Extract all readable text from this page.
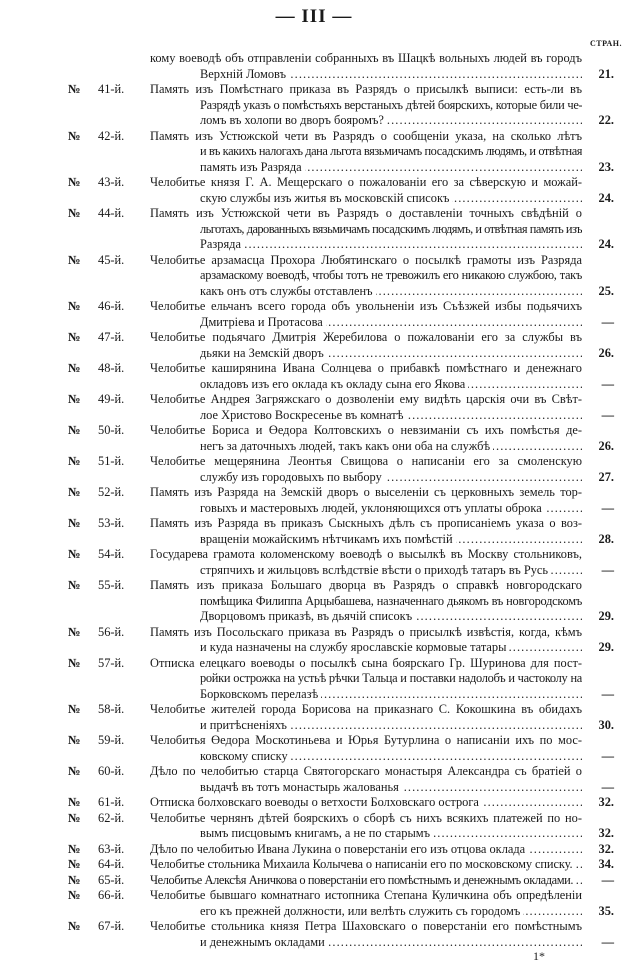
— III —
СТРАН.
кому воеводѣ объ отправленіи собранныхъ въ Шацкѣ вольныхъ людей въ городъ
. . . Верхній Ломовъ	21.
№ 41-й. Память изъ Помѣстнаго приказа въ Разрядъ о присылкѣ выписи: есть-ли въ
Разрядѣ указъ о помѣстьяхъ верстаныхъ дѣтей боярскихъ, которые били че-
. . . ломъ въ холопи во дворъ бояромъ?	22.
№ 42-й. Память изъ Устюжской чети въ Разрядъ о сообщеніи указа, на сколько лѣтъ
и въ какихъ налогахъ дана льгота вязьмичамъ посадскимъ людямъ, и отвѣтная
. . . память изъ Разряда	23.
№ 43-й. Челобитье князя Г. А. Мещерскаго о пожалованіи его за сѣверскую и можай-
. . . скую службы изъ житья въ московскій списокъ	24.
№ 44-й. Память изъ Устюжской чети въ Разрядъ о доставленіи точныхъ свѣдѣній о
льготахъ, дарованныхъ вязьмичамъ посадскимъ людямъ, и отвѣтная память изъ
. . . Разряда	24.
№ 45-й. Челобитье арзамасца Прохора Любятинскаго о посылкѣ грамоты изъ Разряда
арзамаскому воеводѣ, чтобы тотъ не тревожилъ его никакою службою, такъ
. . . какъ онъ отъ службы отставленъ	25.
№ 46-й. Челобитье ельчанъ всего города объ увольненіи изъ Съѣзжей избы подьячихъ
. . . Дмитріева и Протасова	—
№ 47-й. Челобитье подьячаго Дмитрія Жеребилова о пожалованіи его за службы въ
. . . дьяки на Земскій дворъ	26.
№ 48-й. Челобитье каширянина Ивана Солнцева о прибавкѣ помѣстнаго и денежнаго
. . . окладовъ изъ его оклада къ окладу сына его Якова	—
№ 49-й. Челобитье Андрея Загряжскаго о дозволеніи ему видѣть царскія очи въ Свѣт-
. . . лое Христово Воскресенье въ комнатѣ	—
№ 50-й. Челобитье Бориса и Өедора Колтовскихъ о невзиманіи съ ихъ помѣстья де-
. . . негъ за даточныхъ людей, такъ какъ они оба на службѣ	26.
№ 51-й. Челобитье мещерянина Леонтья Свищова о написаніи его за смоленскую
. . . службу изъ городовыхъ по выбору	27.
№ 52-й. Память изъ Разряда на Земскій дворъ о выселеніи съ церковныхъ земель тор-
. . . говыхъ и мастеровыхъ людей, уклоняющихся отъ уплаты оброка	—
№ 53-й. Память изъ Разряда въ приказъ Сыскныхъ дѣлъ съ прописаніемъ указа о воз-
. . . вращеніи можайскимъ нѣтчикамъ ихъ помѣстій	28.
№ 54-й. Государева грамота коломенскому воеводѣ о высылкѣ въ Москву стольниковъ,
. . . стряпчихъ и жильцовъ вслѣдствіе вѣсти о приходѣ татаръ въ Русь	—
№ 55-й. Память изъ приказа Большаго дворца въ Разрядъ о справкѣ новгородскаго
помѣщика Филиппа Арцыбашева, назначеннаго дьякомъ въ новгородскомъ
. . . Дворцовомъ приказѣ, въ дьячій списокъ	29.
№ 56-й. Память изъ Посольскаго приказа въ Разрядъ о присылкѣ извѣстія, когда, кѣмъ
. . . и куда назначены на службу ярославскіе кормовые татары	29.
№ 57-й. Отписка елецкаго воеводы о посылкѣ сына боярскаго Гр. Шуринова для пост-
ройки острожка на устьѣ рѣчки Тальца и поставки надолобъ и частоколу на
. . . Борковскомъ перелазѣ	—
№ 58-й. Челобитье жителей города Борисова на приказнаго С. Кокошкина въ обидахъ
. . . и притѣсненіяхъ	30.
№ 59-й. Челобитья Өедора Москотиньева и Юрья Бутурлина о написаніи ихъ по мос-
. . . ковскому списку	—
№ 60-й. Дѣло по челобитью старца Святогорскаго монастыря Александра съ братіей о
. . . выдачѣ въ тотъ монастырь жалованья	—
№ 61-й. . . . Отписка болховскаго воеводы о ветхости Болховскаго острога	32.
№ 62-й. Челобитье чернянъ дѣтей боярскихъ о сборѣ съ нихъ всякихъ платежей по но-
. . . вымъ писцовымъ книгамъ, а не по старымъ	32.
№ 63-й. . . . Дѣло по челобитью Ивана Лукина о поверстаніи его изъ отцова оклада	32.
№ 64-й. . . . Челобитье стольника Михаила Колычева о написаніи его по московскому списку.	34.
№ 65-й. . . . Челобитье Алексѣя Аничкова о поверстаніи его помѣстнымъ и денежнымъ окладами.	—
№ 66-й. Челобитье бывшаго комнатнаго истопника Степана Куличкина объ опредѣленіи
. . . его къ прежней должности, или велѣть служить съ городомъ	35.
№ 67-й. Челобитье стольника князя Петра Шаховскаго о поверстаніи его помѣстнымъ
. . . и денежнымъ окладами	—
1*
